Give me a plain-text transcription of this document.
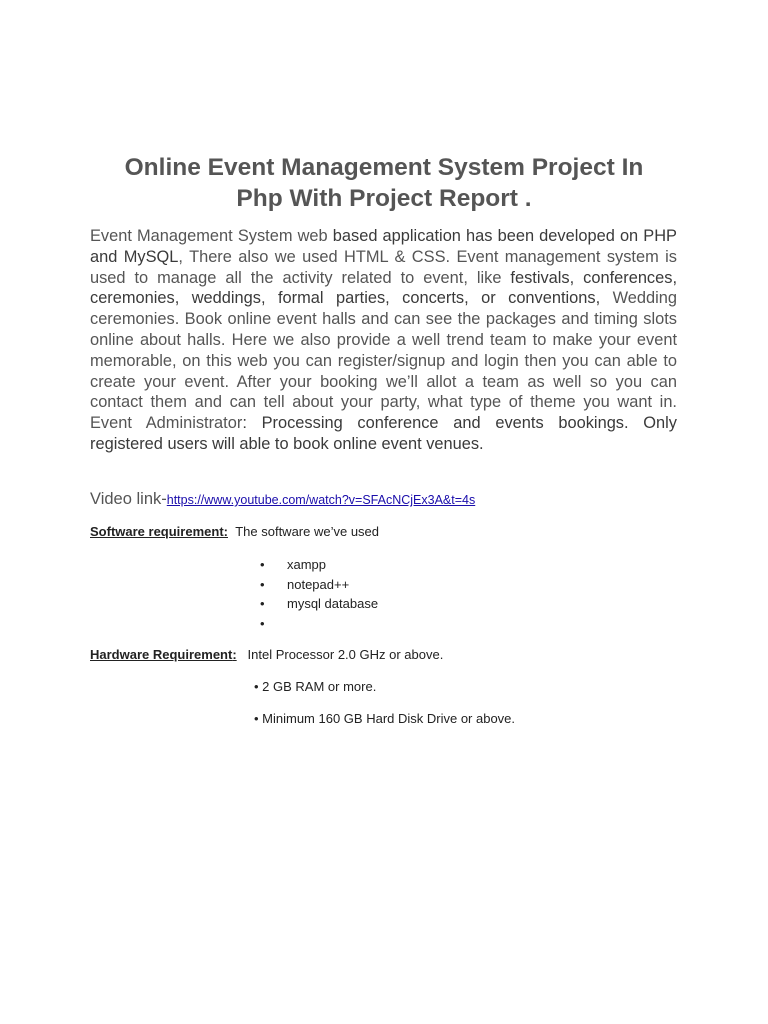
Online Event Management System Project In
Php With Project Report .

Event Management System web based application has been developed on PHP and MySQL, There also we used HTML & CSS. Event management system is used to manage all the activity related to event, like festivals, conferences, ceremonies, weddings, formal parties, concerts, or conventions, Wedding ceremonies. Book online event halls and can see the packages and timing slots online about halls. Here we also provide a well trend team to make your event memorable, on this web you can register/signup and login then you can able to create your event. After your booking we’ll allot a team as well so you can contact them and can tell about your party, what type of theme you want in. Event Administrator: Processing conference and events bookings. Only registered users will able to book online event venues.

Video link-https://www.youtube.com/watch?v=SFAcNCjEx3A&t=4s
Software requirement: The software we’ve used
• xampp
• notepad++
• mysql database
•
Hardware Requirement: Intel Processor 2.0 GHz or above.
• 2 GB RAM or more.
• Minimum 160 GB Hard Disk Drive or above.
